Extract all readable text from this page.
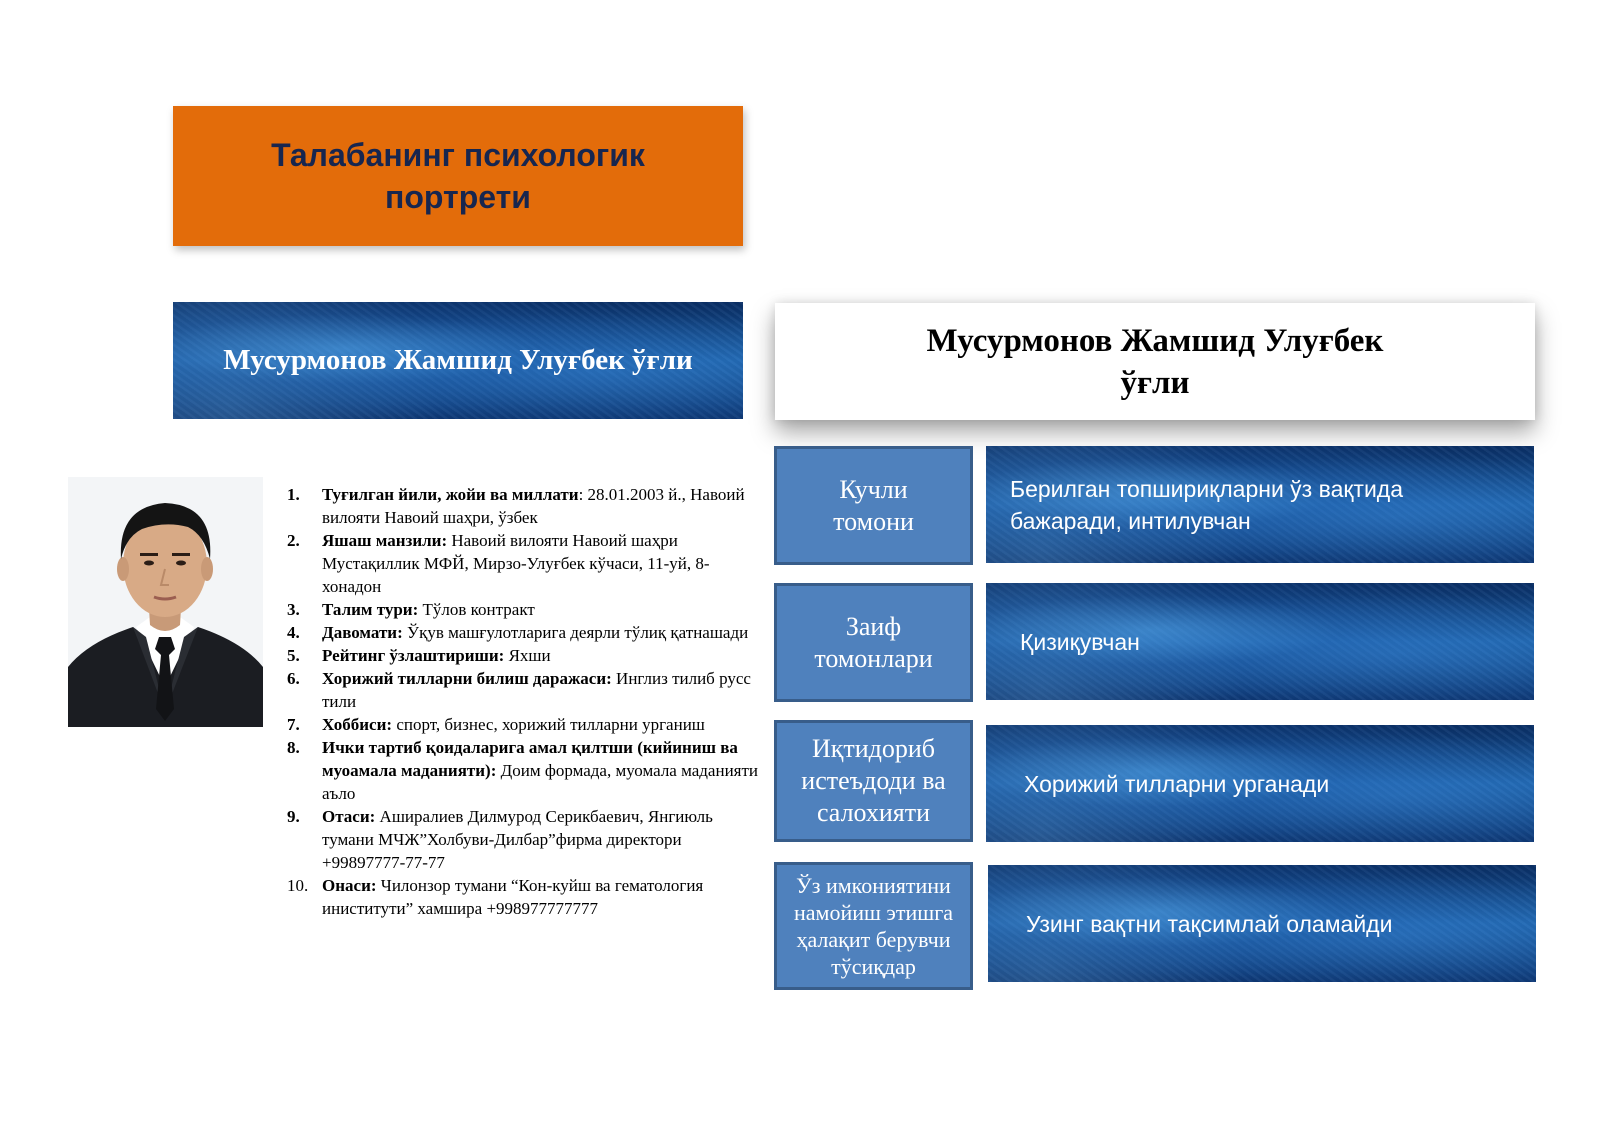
Талабанинг психологик
портрети
Мусурмонов Жамшид Улуғбек ўғли
Мусурмонов Жамшид Улуғбек
ўғли
1. Туғилган йили, жойи ва миллати: 28.01.2003 й., Навоий вилояти Навоий шаҳри, ўзбек
2. Яшаш манзили: Навоий вилояти Навоий шаҳри Мустақиллик МФЙ, Мирзо-Улуғбек кўчаси, 11-уй, 8-хонадон
3. Талим тури: Тўлов контракт
4. Давомати: Ўқув машғулотларига деярли тўлиқ қатнашади
5. Рейтинг ўзлаштириши: Яхши
6. Хорижий тилларни билиш даражаси: Инглиз тилиб русс тили
7. Хоббиси: спорт, бизнес, хорижий тилларни урганиш
8. Ички тартиб қоидаларига амал қилтши (кийиниш ва муоамала маданияти): Доим формада, муомала маданияти аъло
9. Отаси: Аширалиев Дилмурод Серикбаевич, Янгиюль тумани МЧЖ”Холбуви-Дилбар”фирма директори +99897777-77-77
10. Онаси: Чилонзор тумани “Кон-куйш ва гематология иниститути” хамшира +998977777777
Кучли
томони
Берилган топшириқларни ўз вақтида бажаради, интилувчан
Заиф
томонлари
Қизиқувчан
Иқтидориб
истеъдоди ва
салохияти
Хорижий тилларни урганади
Ўз имкониятини
намойиш этишга
ҳалақит берувчи
тўсиқдар
Узинг вақтни тақсимлай оламайди
